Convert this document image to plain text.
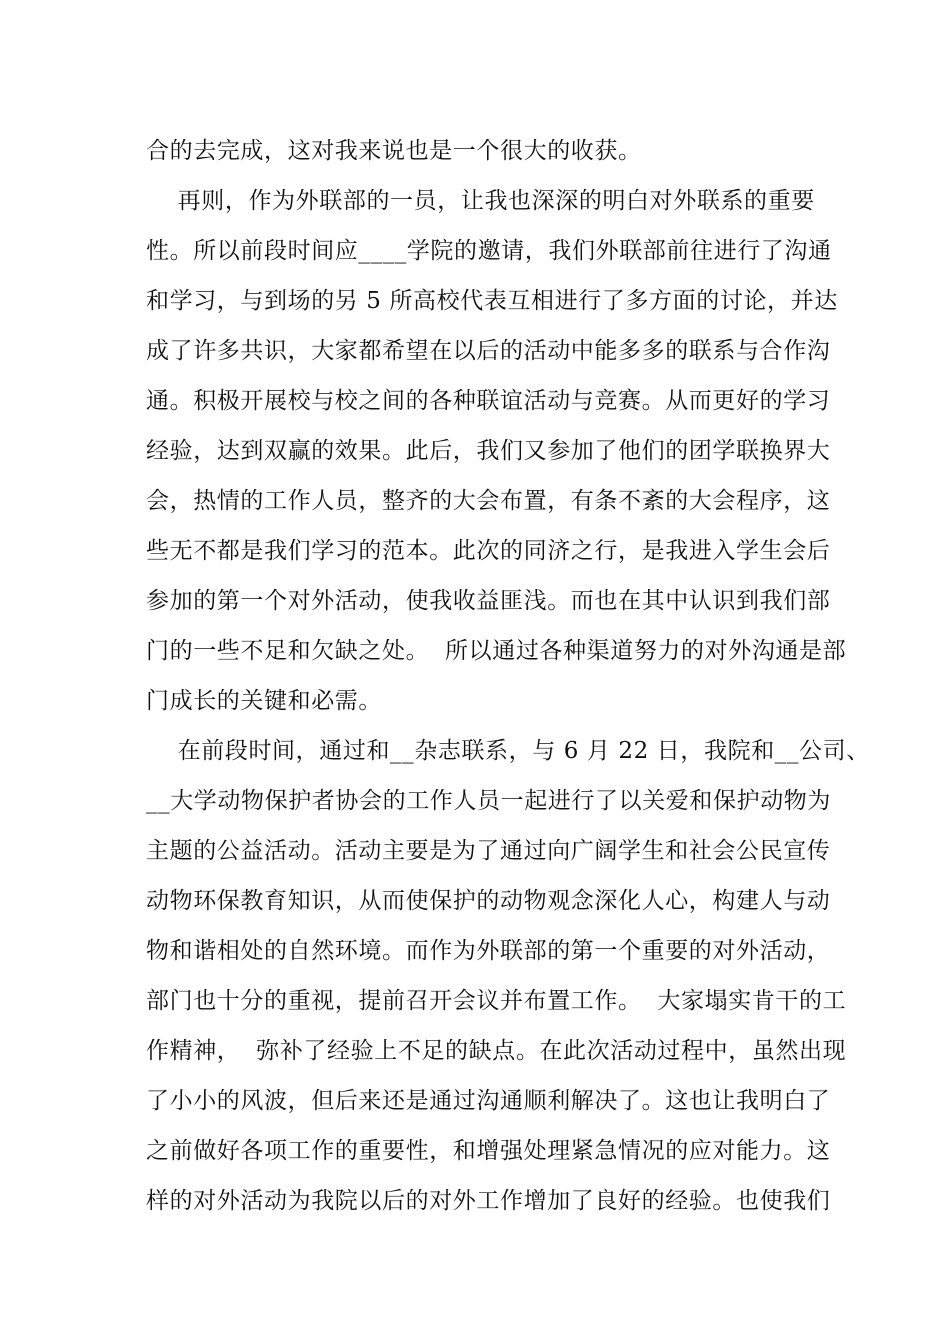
合的去完成，这对我来说也是一个很大的收获。
再则，作为外联部的一员，让我也深深的明白对外联系的重要
性。所以前段时间应____学院的邀请，我们外联部前往进行了沟通
和学习，与到场的另 5 所高校代表互相进行了多方面的讨论，并达
成了许多共识，大家都希望在以后的活动中能多多的联系与合作沟
通。积极开展校与校之间的各种联谊活动与竞赛。从而更好的学习
经验，达到双赢的效果。此后，我们又参加了他们的团学联换界大
会，热情的工作人员，整齐的大会布置，有条不紊的大会程序，这
些无不都是我们学习的范本。此次的同济之行，是我进入学生会后
参加的第一个对外活动，使我收益匪浅。而也在其中认识到我们部
门的一些不足和欠缺之处。  所以通过各种渠道努力的对外沟通是部
门成长的关键和必需。
在前段时间，通过和__杂志联系，与 6 月 22 日，我院和__公司、
__大学动物保护者协会的工作人员一起进行了以关爱和保护动物为
主题的公益活动。活动主要是为了通过向广阔学生和社会公民宣传
动物环保教育知识，从而使保护的动物观念深化人心，构建人与动
物和谐相处的自然环境。而作为外联部的第一个重要的对外活动，
部门也十分的重视，提前召开会议并布置工作。  大家塌实肯干的工
作精神，  弥补了经验上不足的缺点。在此次活动过程中，虽然出现
了小小的风波，但后来还是通过沟通顺利解决了。这也让我明白了
之前做好各项工作的重要性，和增强处理紧急情况的应对能力。这
样的对外活动为我院以后的对外工作增加了良好的经验。也使我们
